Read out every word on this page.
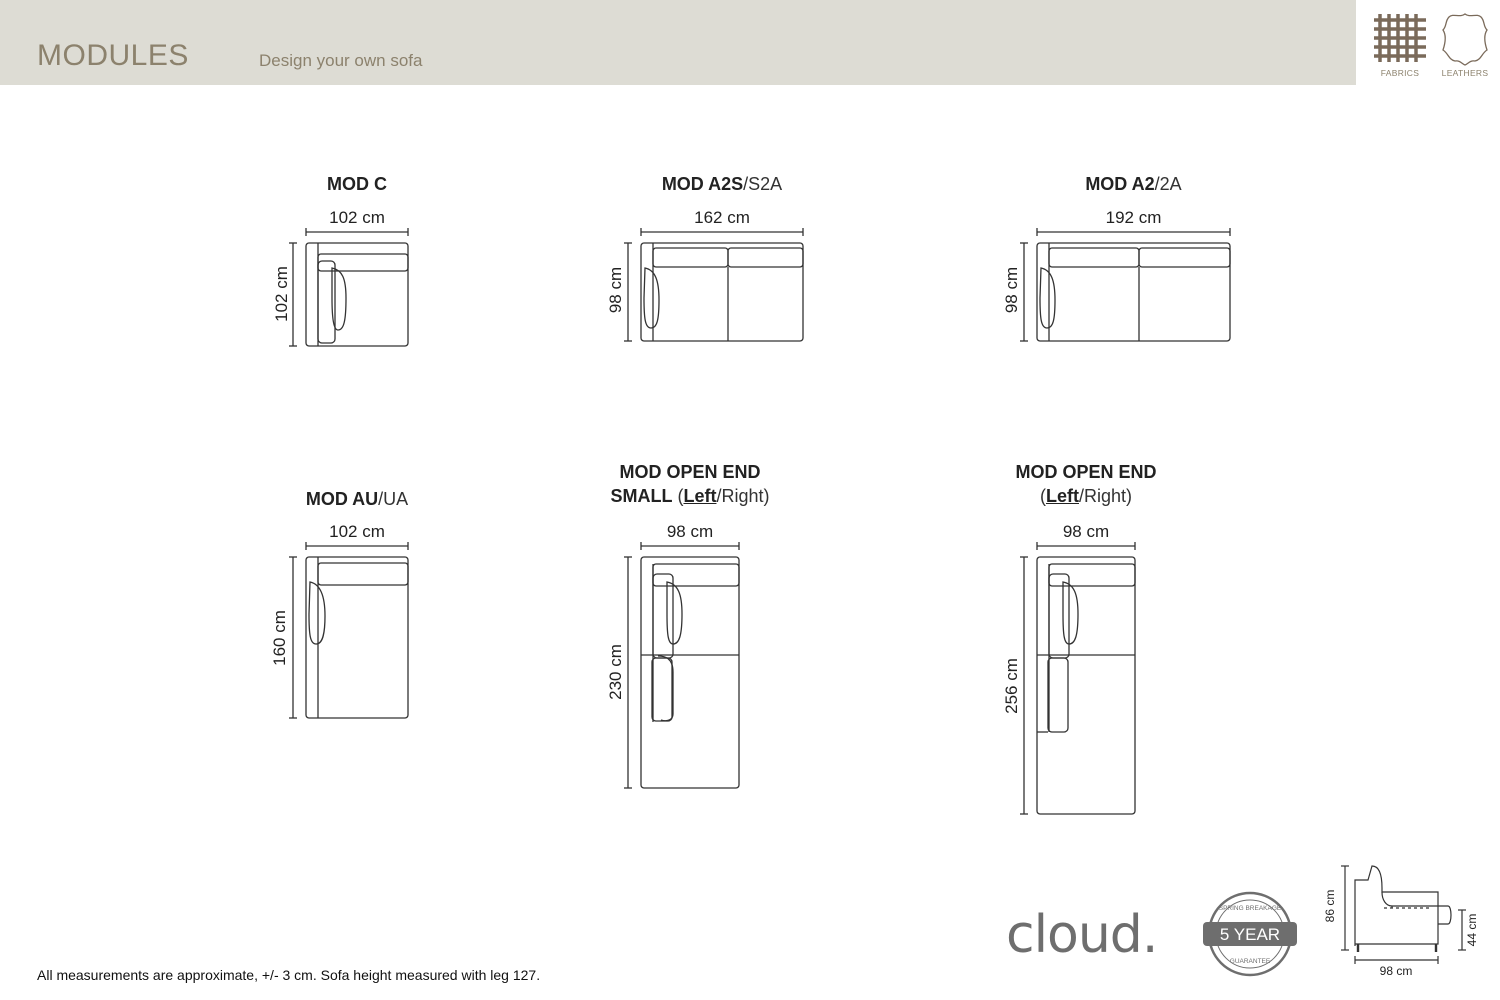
MODULES	Design your own sofa
FABRICS	LEATHERS
MOD C
102 cm
102 cm
MOD A2S/S2A
162 cm
98 cm
MOD A2/2A
192 cm
98 cm
MOD AU/UA
102 cm
160 cm
MOD OPEN END
SMALL (Left/Right)
98 cm
230 cm
MOD OPEN END
(Left/Right)
98 cm
256 cm
All measurements are approximate, +/- 3 cm. Sofa height measured with leg 127.
cloud.	5 YEAR
SPRING BREAKAGE
GUARANTEE
86 cm
44 cm
98 cm
